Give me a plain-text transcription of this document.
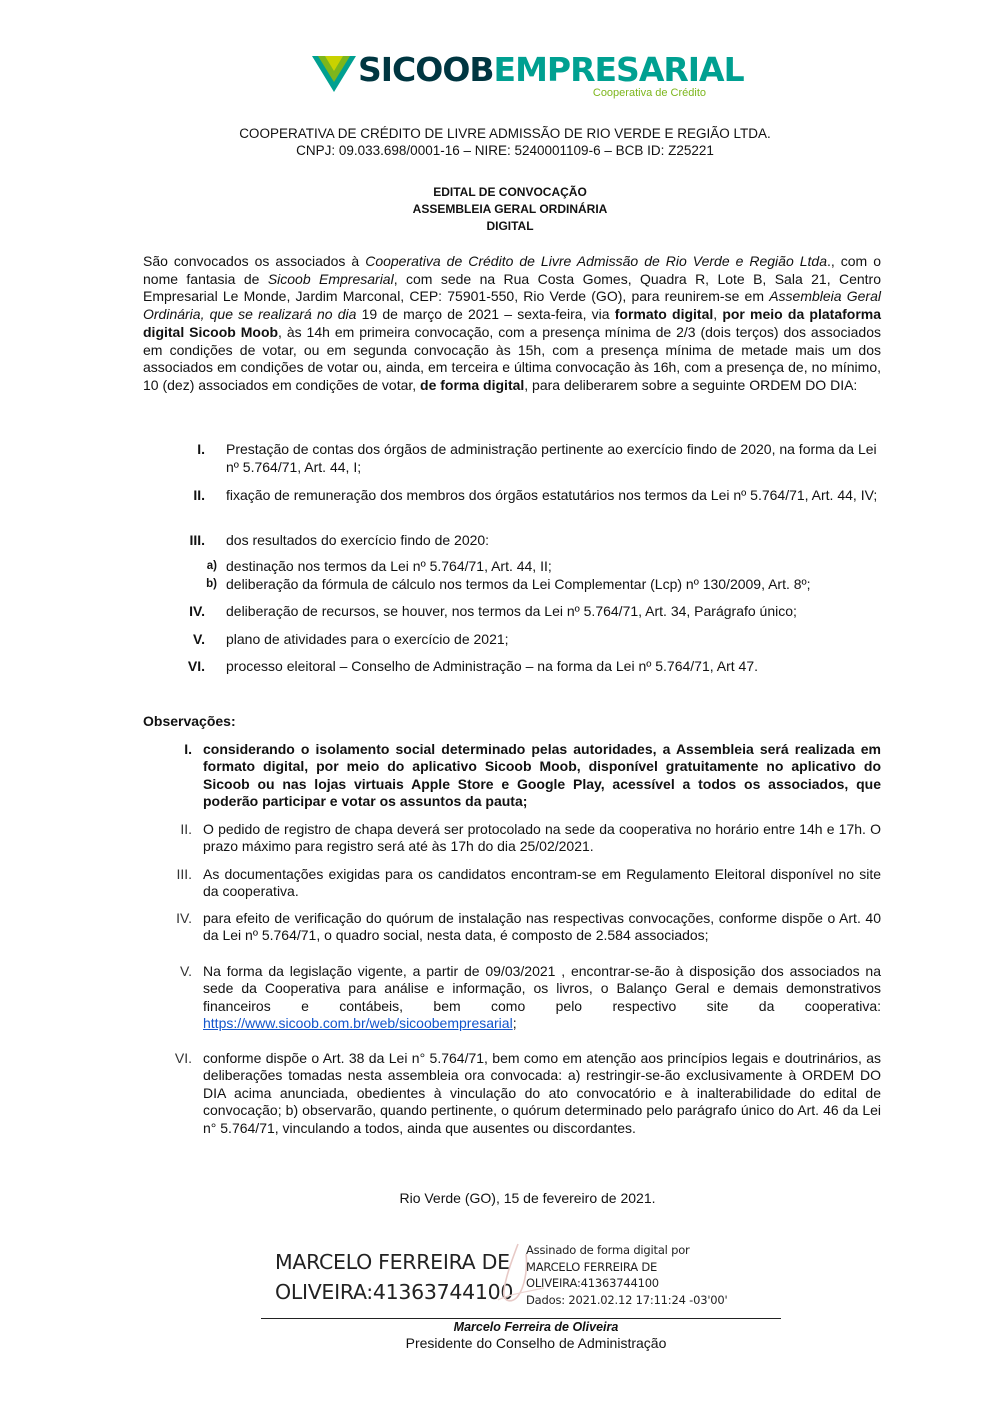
SICOOBEMPRESARIAL
Cooperativa de Crédito
COOPERATIVA DE CRÉDITO DE LIVRE ADMISSÃO DE RIO VERDE E REGIÃO LTDA.
CNPJ: 09.033.698/0001-16 – NIRE: 5240001109-6 – BCB ID: Z25221
EDITAL DE CONVOCAÇÃO
ASSEMBLEIA GERAL ORDINÁRIA
DIGITAL
São convocados os associados à Cooperativa de Crédito de Livre Admissão de Rio Verde e Região Ltda., com o nome fantasia de Sicoob Empresarial, com sede na Rua Costa Gomes, Quadra R, Lote B, Sala 21, Centro Empresarial Le Monde, Jardim Marconal, CEP: 75901-550, Rio Verde (GO), para reunirem-se em Assembleia Geral Ordinária, que se realizará no dia 19 de março de 2021 – sexta-feira, via formato digital, por meio da plataforma digital Sicoob Moob, às 14h em primeira convocação, com a presença mínima de 2/3 (dois terços) dos associados em condições de votar, ou em segunda convocação às 15h, com a presença mínima de metade mais um dos associados em condições de votar ou, ainda, em terceira e última convocação às 16h, com a presença de, no mínimo, 10 (dez) associados em condições de votar, de forma digital, para deliberarem sobre a seguinte ORDEM DO DIA:
I. Prestação de contas dos órgãos de administração pertinente ao exercício findo de 2020, na forma da Lei nº 5.764/71, Art. 44, I;
II. fixação de remuneração dos membros dos órgãos estatutários nos termos da Lei nº 5.764/71, Art. 44, IV;
III. dos resultados do exercício findo de 2020:
a) destinação nos termos da Lei nº 5.764/71, Art. 44, II;
b) deliberação da fórmula de cálculo nos termos da Lei Complementar (Lcp) nº 130/2009, Art. 8º;
IV. deliberação de recursos, se houver, nos termos da Lei nº 5.764/71, Art. 34, Parágrafo único;
V. plano de atividades para o exercício de 2021;
VI. processo eleitoral – Conselho de Administração – na forma da Lei nº 5.764/71, Art 47.
Observações:
I. considerando o isolamento social determinado pelas autoridades, a Assembleia será realizada em formato digital, por meio do aplicativo Sicoob Moob, disponível gratuitamente no aplicativo do Sicoob ou nas lojas virtuais Apple Store e Google Play, acessível a todos os associados, que poderão participar e votar os assuntos da pauta;
II. O pedido de registro de chapa deverá ser protocolado na sede da cooperativa no horário entre 14h e 17h. O prazo máximo para registro será até às 17h do dia 25/02/2021.
III. As documentações exigidas para os candidatos encontram-se em Regulamento Eleitoral disponível no site da cooperativa.
IV. para efeito de verificação do quórum de instalação nas respectivas convocações, conforme dispõe o Art. 40 da Lei nº 5.764/71, o quadro social, nesta data, é composto de 2.584 associados;
V. Na forma da legislação vigente, a partir de 09/03/2021 , encontrar-se-ão à disposição dos associados na sede da Cooperativa para análise e informação, os livros, o Balanço Geral e demais demonstrativos financeiros e contábeis, bem como pelo respectivo site da cooperativa: https://www.sicoob.com.br/web/sicoobempresarial;
VI. conforme dispõe o Art. 38 da Lei n° 5.764/71, bem como em atenção aos princípios legais e doutrinários, as deliberações tomadas nesta assembleia ora convocada: a) restringir-se-ão exclusivamente à ORDEM DO DIA acima anunciada, obedientes à vinculação do ato convocatório e à inalterabilidade do edital de convocação; b) observarão, quando pertinente, o quórum determinado pelo parágrafo único do Art. 46 da Lei n° 5.764/71, vinculando a todos, ainda que ausentes ou discordantes.
Rio Verde (GO), 15 de fevereiro de 2021.
MARCELO FERREIRA DE
OLIVEIRA:41363744100
Assinado de forma digital por
MARCELO FERREIRA DE
OLIVEIRA:41363744100
Dados: 2021.02.12 17:11:24 -03'00'
Marcelo Ferreira de Oliveira
Presidente do Conselho de Administração
